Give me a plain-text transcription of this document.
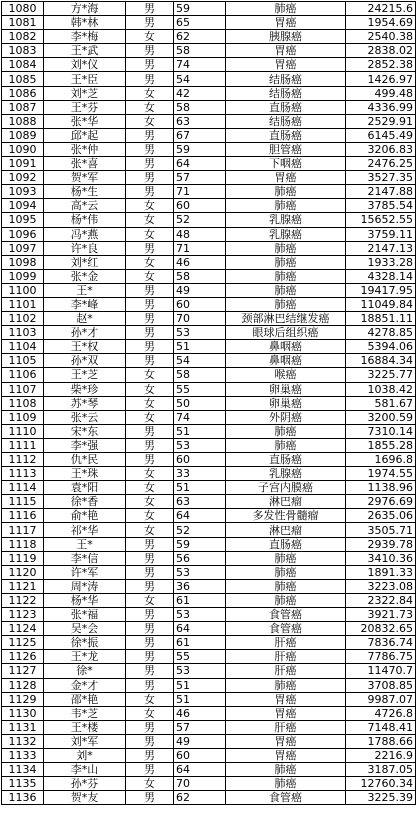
1080	方*海	男	59	肺癌	24215.6
1081	韩*林	男	65	胃癌	1954.69
1082	李*梅	女	62	胰腺癌	2540.38
1083	王*武	男	58	胃癌	2838.02
1084	刘*仪	男	74	胃癌	2852.38
1085	王*臣	男	54	结肠癌	1426.97
1086	刘*芝	女	42	结肠癌	499.48
1087	王*芬	女	58	直肠癌	4336.99
1088	张*华	女	63	结肠癌	2529.91
1089	邱*起	男	67	直肠癌	6145.49
1090	张*仲	男	59	胆管癌	3206.83
1091	张*喜	男	64	下咽癌	2476.25
1092	贺*军	男	57	胃癌	3527.35
1093	杨*生	男	71	肺癌	2147.88
1094	高*云	女	60	肺癌	3785.54
1095	杨*伟	女	52	乳腺癌	15652.55
1096	冯*燕	女	48	乳腺癌	3759.11
1097	许*良	男	71	肺癌	2147.13
1098	刘*红	女	46	肺癌	1933.28
1099	张*金	女	58	肺癌	4328.14
1100	王*	男	49	肺癌	19417.95
1101	李*峰	男	60	肺癌	11049.84
1102	赵*	男	70	颈部淋巴结继发癌	18851.11
1103	孙*才	男	53	眼球后组织癌	4278.85
1104	王*权	男	51	鼻咽癌	5394.06
1105	孙*双	男	54	鼻咽癌	16884.34
1106	王*芝	女	58	喉癌	3225.77
1107	柴*珍	女	55	卵巢癌	1038.42
1108	苏*琴	女	50	卵巢癌	581.67
1109	张*云	女	74	外阴癌	3200.59
1110	宋*东	男	51	肺癌	7310.14
1111	李*强	男	53	肺癌	1855.28
1112	仇*民	男	60	直肠癌	1696.8
1113	王*珠	女	33	乳腺癌	1974.55
1114	袁*阳	女	51	子宫内膜癌	1138.96
1115	徐*香	女	63	淋巴瘤	2976.69
1116	俞*艳	女	64	多发性骨髓瘤	2635.06
1117	祁*华	女	52	淋巴瘤	3505.71
1118	王*	男	59	直肠癌	2939.78
1119	李*信	男	56	肺癌	3410.36
1120	许*军	男	53	肺癌	1891.33
1121	周*涛	男	36	肺癌	3223.08
1122	杨*华	女	61	肺癌	2322.84
1123	张*福	男	53	食管癌	3921.73
1124	吴*会	男	64	食管癌	20832.65
1125	徐*振	男	61	肝癌	7836.74
1126	王*龙	男	55	肝癌	7786.75
1127	徐*	男	53	肝癌	11470.7
1128	金*才	男	51	肺癌	3708.85
1129	邵*艳	女	51	胃癌	9987.07
1130	韦*芝	女	46	胃癌	4726.8
1131	王*楼	男	57	肝癌	7148.41
1132	刘*军	男	49	胃癌	1788.66
1133	刘*	男	60	胃癌	2216.9
1134	李*山	男	64	肺癌	3187.05
1135	孙*芬	女	70	肺癌	12760.34
1136	贺*友	男	62	食管癌	3225.39
